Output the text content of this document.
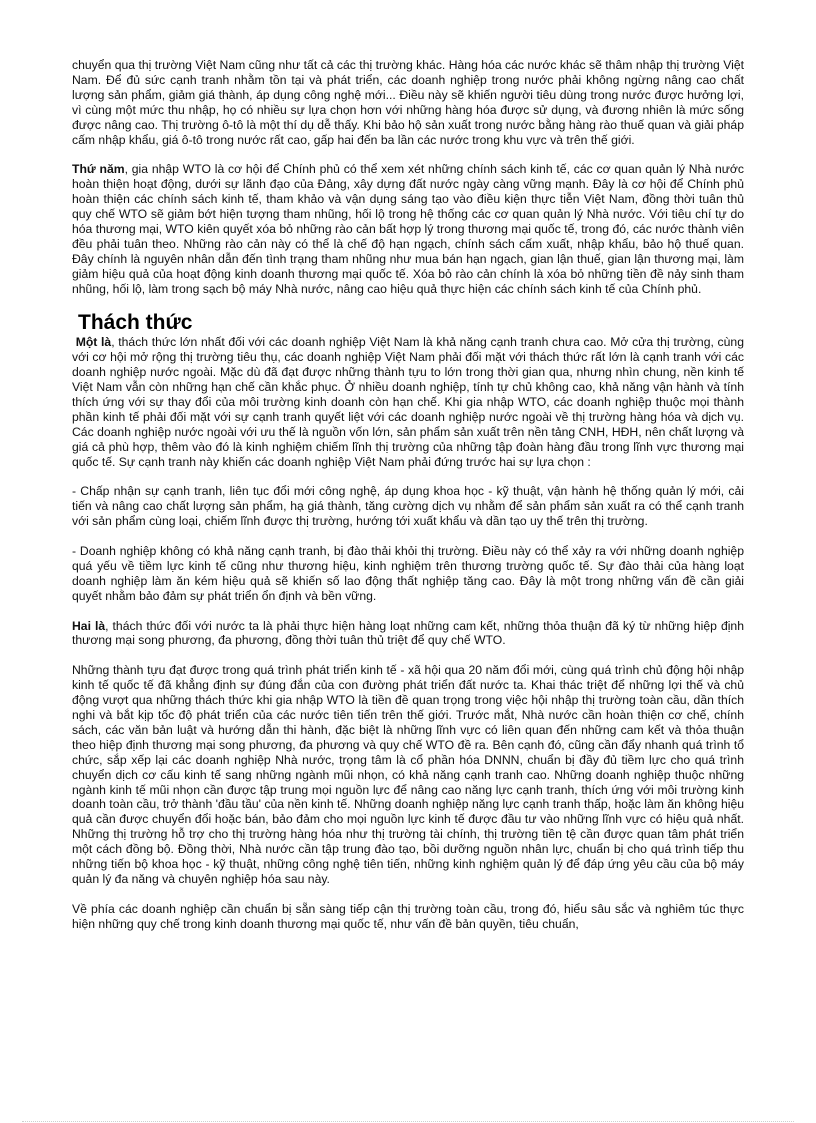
chuyển qua thị trường Việt Nam cũng như tất cả các thị trường khác. Hàng hóa các nước khác sẽ thâm nhập thị trường Việt Nam. Để đủ sức cạnh tranh nhằm tồn tại và phát triển, các doanh nghiệp trong nước phải không ngừng nâng cao chất lượng sản phẩm, giảm giá thành, áp dụng công nghệ mới... Điều này sẽ khiến người tiêu dùng trong nước được hưởng lợi, vì cùng một mức thu nhập, họ có nhiều sự lựa chọn hơn với những hàng hóa được sử dụng, và đương nhiên là mức sống được nâng cao. Thị trường ô-tô là một thí dụ dễ thấy. Khi bảo hộ sản xuất trong nước bằng hàng rào thuế quan và giải pháp cấm nhập khẩu, giá ô-tô trong nước rất cao, gấp hai đến ba lần các nước trong khu vực và trên thế giới.

Thứ năm, gia nhập WTO là cơ hội để Chính phủ có thể xem xét những chính sách kinh tế, các cơ quan quản lý Nhà nước hoàn thiện hoạt động, dưới sự lãnh đạo của Đảng, xây dựng đất nước ngày càng vững mạnh. Đây là cơ hội để Chính phủ hoàn thiện các chính sách kinh tế, tham khảo và vận dụng sáng tạo vào điều kiện thực tiễn Việt Nam, đồng thời tuân thủ quy chế WTO sẽ giảm bớt hiện tượng tham nhũng, hối lộ trong hệ thống các cơ quan quản lý Nhà nước. Với tiêu chí tự do hóa thương mại, WTO kiên quyết xóa bỏ những rào cản bất hợp lý trong thương mại quốc tế, trong đó, các nước thành viên đều phải tuân theo. Những rào cản này có thể là chế độ hạn ngạch, chính sách cấm xuất, nhập khẩu, bảo hộ thuế quan. Đây chính là nguyên nhân dẫn đến tình trạng tham nhũng như mua bán hạn ngạch, gian lận thuế, gian lận thương mại, làm giảm hiệu quả của hoạt động kinh doanh thương mại quốc tế. Xóa bỏ rào cản chính là xóa bỏ những tiền đề nảy sinh tham nhũng, hối lộ, làm trong sạch bộ máy Nhà nước, nâng cao hiệu quả thực hiện các chính sách kinh tế của Chính phủ.

Thách thức

Một là, thách thức lớn nhất đối với các doanh nghiệp Việt Nam là khả năng cạnh tranh chưa cao. Mở cửa thị trường, cùng với cơ hội mở rộng thị trường tiêu thụ, các doanh nghiệp Việt Nam phải đối mặt với thách thức rất lớn là cạnh tranh với các doanh nghiệp nước ngoài. Mặc dù đã đạt được những thành tựu to lớn trong thời gian qua, nhưng nhìn chung, nền kinh tế Việt Nam vẫn còn những hạn chế cần khắc phục. Ở nhiều doanh nghiệp, tính tự chủ không cao, khả năng vận hành và tính thích ứng với sự thay đổi của môi trường kinh doanh còn hạn chế. Khi gia nhập WTO, các doanh nghiệp thuộc mọi thành phần kinh tế phải đối mặt với sự cạnh tranh quyết liệt với các doanh nghiệp nước ngoài về thị trường hàng hóa và dịch vụ. Các doanh nghiệp nước ngoài với ưu thế là nguồn vốn lớn, sản phẩm sản xuất trên nền tảng CNH, HĐH, nên chất lượng và giá cả phù hợp, thêm vào đó là kinh nghiệm chiếm lĩnh thị trường của những tập đoàn hàng đầu trong lĩnh vực thương mại quốc tế. Sự cạnh tranh này khiến các doanh nghiệp Việt Nam phải đứng trước hai sự lựa chọn :

- Chấp nhận sự cạnh tranh, liên tục đổi mới công nghệ, áp dụng khoa học - kỹ thuật, vận hành hệ thống quản lý mới, cải tiến và nâng cao chất lượng sản phẩm, hạ giá thành, tăng cường dịch vụ nhằm để sản phẩm sản xuất ra có thể cạnh tranh với sản phẩm cùng loại, chiếm lĩnh được thị trường, hướng tới xuất khẩu và dần tạo uy thế trên thị trường.

- Doanh nghiệp không có khả năng cạnh tranh, bị đào thải khỏi thị trường. Điều này có thể xảy ra với những doanh nghiệp quá yếu về tiềm lực kinh tế cũng như thương hiệu, kinh nghiệm trên thương trường quốc tế. Sự đào thải của hàng loạt doanh nghiệp làm ăn kém hiệu quả sẽ khiến số lao động thất nghiệp tăng cao. Đây là một trong những vấn đề cần giải quyết nhằm bảo đảm sự phát triển ổn định và bền vững.

Hai là, thách thức đối với nước ta là phải thực hiện hàng loạt những cam kết, những thỏa thuận đã ký từ những hiệp định thương mại song phương, đa phương, đồng thời tuân thủ triệt để quy chế WTO.

Những thành tựu đạt được trong quá trình phát triển kinh tế - xã hội qua 20 năm đổi mới, cùng quá trình chủ động hội nhập kinh tế quốc tế đã khẳng định sự đúng đắn của con đường phát triển đất nước ta. Khai thác triệt để những lợi thế và chủ động vượt qua những thách thức khi gia nhập WTO là tiền đề quan trọng trong việc hội nhập thị trường toàn cầu, dần thích nghi và bắt kịp tốc độ phát triển của các nước tiên tiến trên thế giới. Trước mắt, Nhà nước cần hoàn thiện cơ chế, chính sách, các văn bản luật và hướng dẫn thi hành, đặc biệt là những lĩnh vực có liên quan đến những cam kết và thỏa thuận theo hiệp định thương mại song phương, đa phương và quy chế WTO đề ra. Bên cạnh đó, cũng cần đẩy nhanh quá trình tổ chức, sắp xếp lại các doanh nghiệp Nhà nước, trọng tâm là cổ phần hóa DNNN, chuẩn bị đầy đủ tiềm lực cho quá trình chuyển dịch cơ cấu kinh tế sang những ngành mũi nhọn, có khả năng cạnh tranh cao. Những doanh nghiệp thuộc những ngành kinh tế mũi nhọn cần được tập trung mọi nguồn lực để nâng cao năng lực cạnh tranh, thích ứng với môi trường kinh doanh toàn cầu, trở thành 'đầu tầu' của nền kinh tế. Những doanh nghiệp năng lực cạnh tranh thấp, hoặc làm ăn không hiệu quả cần được chuyển đổi hoặc bán, bảo đảm cho mọi nguồn lực kinh tế được đầu tư vào những lĩnh vực có hiệu quả nhất. Những thị trường hỗ trợ cho thị trường hàng hóa như thị trường tài chính, thị trường tiền tệ cần được quan tâm phát triển một cách đồng bộ. Đồng thời, Nhà nước cần tập trung đào tạo, bồi dưỡng nguồn nhân lực, chuẩn bị cho quá trình tiếp thu những tiến bộ khoa học - kỹ thuật, những công nghệ tiên tiến, những kinh nghiệm quản lý để đáp ứng yêu cầu của bộ máy quản lý đa năng và chuyên nghiệp hóa sau này.

Về phía các doanh nghiệp cần chuẩn bị sẵn sàng tiếp cận thị trường toàn cầu, trong đó, hiểu sâu sắc và nghiêm túc thực hiện những quy chế trong kinh doanh thương mại quốc tế, như vấn đề bản quyền, tiêu chuẩn,
